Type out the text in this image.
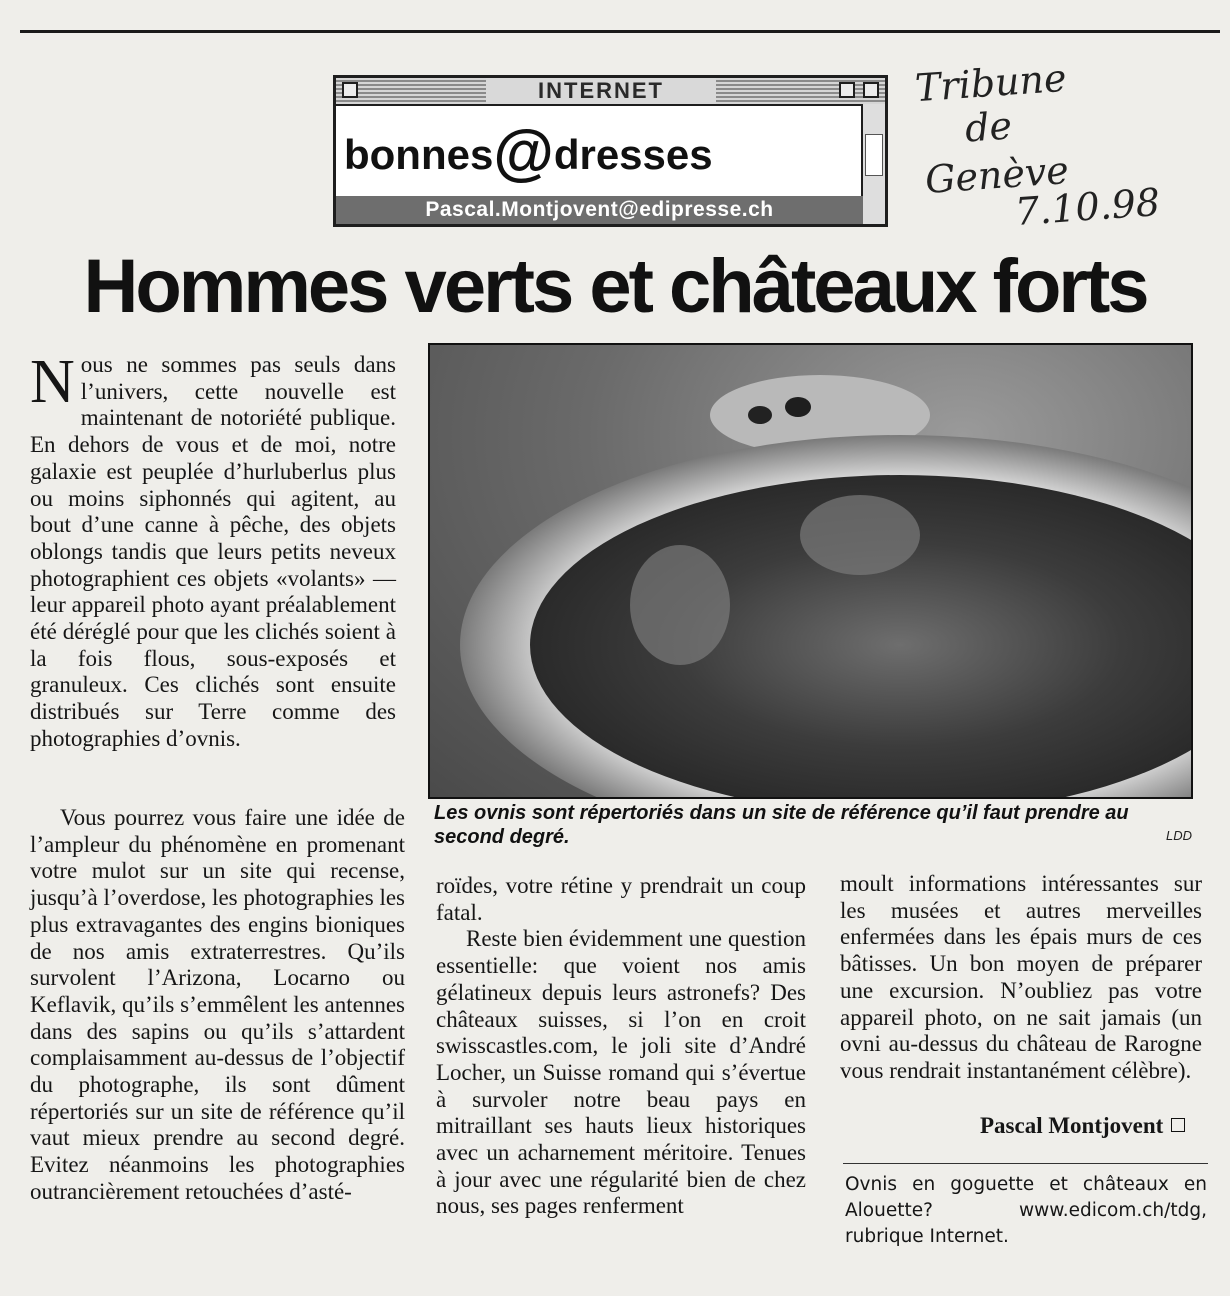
INTERNET
bonnes@dresses
Pascal.Montjovent@edipresse.ch
Tribune
de
Genève
7.10.98
Hommes verts et châteaux forts
N ous ne sommes pas seuls dans l’univers, cette nouvelle est maintenant de notoriété publique. En dehors de vous et de moi, notre galaxie est peuplée d’hurluberlus plus ou moins siphonnés qui agitent, au bout d’une canne à pêche, des objets oblongs tandis que leurs petits neveux photographient ces objets «volants» — leur appareil photo ayant préalablement été déréglé pour que les clichés soient à la fois flous, sous-exposés et granuleux. Ces clichés sont ensuite distribués sur Terre comme des photographies d’ovnis.

Vous pourrez vous faire une idée de l’ampleur du phénomène en promenant votre mulot sur un site qui recense, jusqu’à l’overdose, les photographies les plus extravagantes des engins bioniques de nos amis extraterrestres. Qu’ils survolent l’Arizona, Locarno ou Keflavik, qu’ils s’emmêlent les antennes dans des sapins ou qu’ils s’attardent complaisamment au-dessus de l’objectif du photographe, ils sont dûment répertoriés sur un site de référence qu’il vaut mieux prendre au second degré. Evitez néanmoins les photographies outrancièrement retouchées d’asté-

Les ovnis sont répertoriés dans un site de référence qu’il faut prendre au second degré.	LDD

roïdes, votre rétine y prendrait un coup fatal.

Reste bien évidemment une question essentielle: que voient nos amis gélatineux depuis leurs astronefs? Des châteaux suisses, si l’on en croit swisscastles.com, le joli site d’André Locher, un Suisse romand qui s’évertue à survoler notre beau pays en mitraillant ses hauts lieux historiques avec un acharnement méritoire. Tenues à jour avec une régularité bien de chez nous, ses pages renferment

moult informations intéressantes sur les musées et autres merveilles enfermées dans les épais murs de ces bâtisses. Un bon moyen de préparer une excursion. N’oubliez pas votre appareil photo, on ne sait jamais (un ovni au-dessus du château de Rarogne vous rendrait instantanément célèbre).

Pascal Montjovent
Ovnis en goguette et châteaux en Alouette? www.edicom.ch/tdg, rubrique Internet.
